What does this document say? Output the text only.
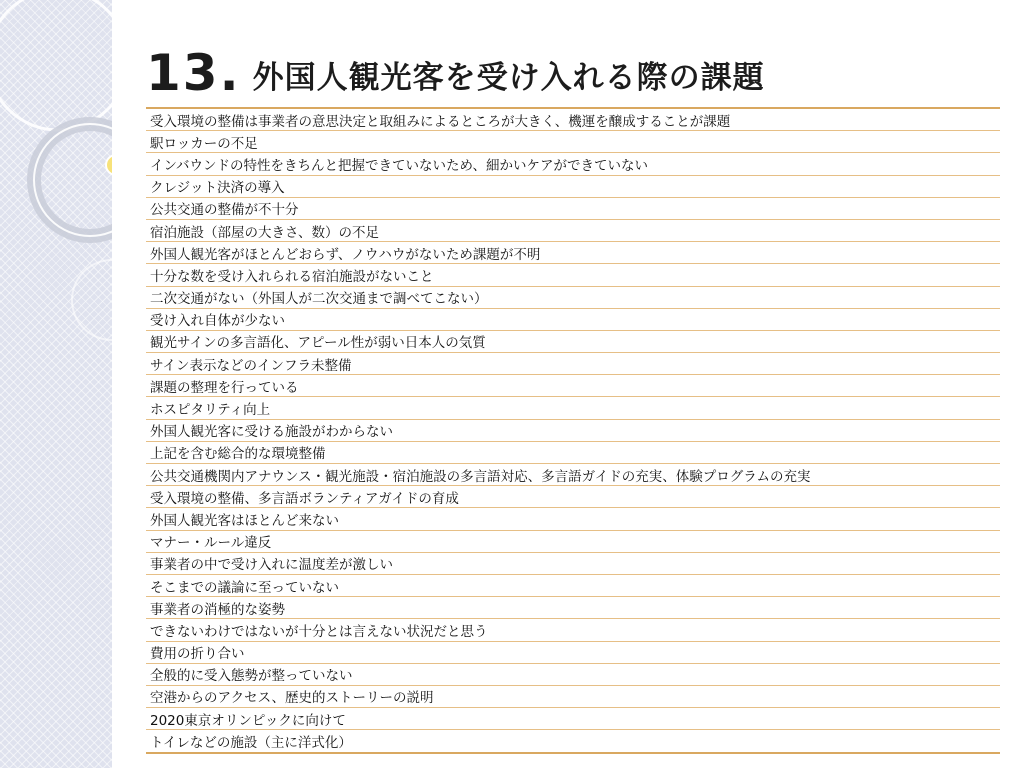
13. 外国人観光客を受け入れる際の課題
受入環境の整備は事業者の意思決定と取組みによるところが大きく、機運を醸成することが課題
駅ロッカーの不足
インバウンドの特性をきちんと把握できていないため、細かいケアができていない
クレジット決済の導入
公共交通の整備が不十分
宿泊施設（部屋の大きさ、数）の不足
外国人観光客がほとんどおらず、ノウハウがないため課題が不明
十分な数を受け入れられる宿泊施設がないこと
二次交通がない（外国人が二次交通まで調べてこない）
受け入れ自体が少ない
観光サインの多言語化、アピール性が弱い日本人の気質
サイン表示などのインフラ未整備
課題の整理を行っている
ホスピタリティ向上
外国人観光客に受ける施設がわからない
上記を含む総合的な環境整備
公共交通機関内アナウンス・観光施設・宿泊施設の多言語対応、多言語ガイドの充実、体験プログラムの充実
受入環境の整備、多言語ボランティアガイドの育成
外国人観光客はほとんど来ない
マナー・ルール違反
事業者の中で受け入れに温度差が激しい
そこまでの議論に至っていない
事業者の消極的な姿勢
できないわけではないが十分とは言えない状況だと思う
費用の折り合い
全般的に受入態勢が整っていない
空港からのアクセス、歴史的ストーリーの説明
2020東京オリンピックに向けて
トイレなどの施設（主に洋式化）
